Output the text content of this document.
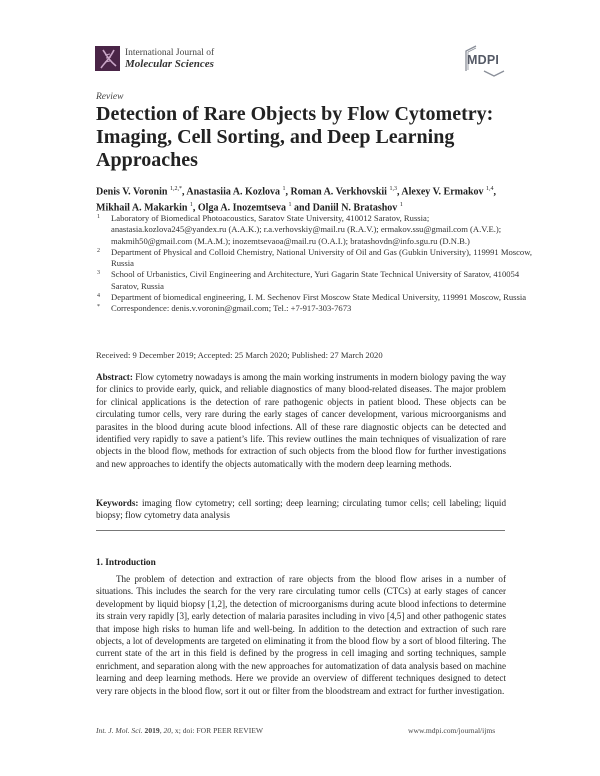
International Journal of
Molecular Sciences	MDPI
Review
Detection of Rare Objects by Flow Cytometry: Imaging, Cell Sorting, and Deep Learning Approaches
Denis V. Voronin $^{1,2,*}$, Anastasiia A. Kozlova $^1$, Roman A. Verkhovskii $^{1,3}$, Alexey V. Ermakov $^{1,4}$,
Mikhail A. Makarkin $^1$, Olga A. Inozemtseva $^1$ and Daniil N. Bratashov $^1$
1 Laboratory of Biomedical Photoacoustics, Saratov State University, 410012 Saratov, Russia; anastasia.kozlova245@yandex.ru (A.A.K.); r.a.verhovskiy@mail.ru (R.A.V.); ermakov.ssu@gmail.com (A.V.E.); makmih50@gmail.com (M.A.M.); inozemtsevaoa@mail.ru (O.A.I.); bratashovdn@info.sgu.ru (D.N.B.)
2 Department of Physical and Colloid Chemistry, National University of Oil and Gas (Gubkin University), 119991 Moscow, Russia
3 School of Urbanistics, Civil Engineering and Architecture, Yuri Gagarin State Technical University of Saratov, 410054 Saratov, Russia
4 Department of biomedical engineering, I. M. Sechenov First Moscow State Medical University, 119991 Moscow, Russia
* Correspondence: denis.v.voronin@gmail.com; Tel.: +7-917-303-7673
Received: 9 December 2019; Accepted: 25 March 2020; Published: 27 March 2020
Abstract: Flow cytometry nowadays is among the main working instruments in modern biology paving the way for clinics to provide early, quick, and reliable diagnostics of many blood-related diseases. The major problem for clinical applications is the detection of rare pathogenic objects in patient blood. These objects can be circulating tumor cells, very rare during the early stages of cancer development, various microorganisms and parasites in the blood during acute blood infections. All of these rare diagnostic objects can be detected and identified very rapidly to save a patient’s life. This review outlines the main techniques of visualization of rare objects in the blood flow, methods for extraction of such objects from the blood flow for further investigations and new approaches to identify the objects automatically with the modern deep learning methods.
Keywords: imaging flow cytometry; cell sorting; deep learning; circulating tumor cells; cell labeling; liquid biopsy; flow cytometry data analysis
1. Introduction
The problem of detection and extraction of rare objects from the blood flow arises in a number of situations. This includes the search for the very rare circulating tumor cells (CTCs) at early stages of cancer development by liquid biopsy [1,2], the detection of microorganisms during acute blood infections to determine its strain very rapidly [3], early detection of malaria parasites including in vivo [4,5] and other pathogenic states that impose high risks to human life and well-being. In addition to the detection and extraction of such rare objects, a lot of developments are targeted on eliminating it from the blood flow by a sort of blood filtering. The current state of the art in this field is defined by the progress in cell imaging and sorting techniques, sample enrichment, and separation along with the new approaches for automatization of data analysis based on machine learning and deep learning methods. Here we provide an overview of different techniques designed to detect very rare objects in the blood flow, sort it out or filter from the bloodstream and extract for further investigation.
Int. J. Mol. Sci. 2019, 20, x; doi: FOR PEER REVIEW	www.mdpi.com/journal/ijms
